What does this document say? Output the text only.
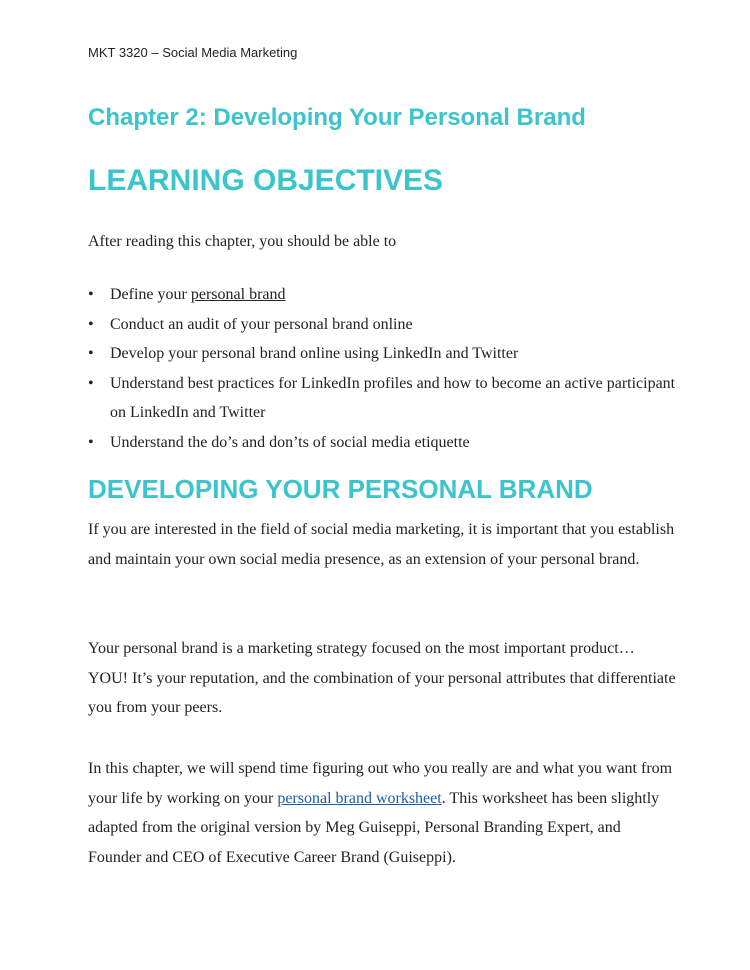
MKT 3320 – Social Media Marketing
Chapter 2: Developing Your Personal Brand
LEARNING OBJECTIVES

After reading this chapter, you should be able to

• Define your personal brand
• Conduct an audit of your personal brand online
• Develop your personal brand online using LinkedIn and Twitter
• Understand best practices for LinkedIn profiles and how to become an active participant on LinkedIn and Twitter
• Understand the do’s and don’ts of social media etiquette
DEVELOPING YOUR PERSONAL BRAND

If you are interested in the field of social media marketing, it is important that you establish and maintain your own social media presence, as an extension of your personal brand.

Your personal brand is a marketing strategy focused on the most important product… YOU! It’s your reputation, and the combination of your personal attributes that differentiate you from your peers.

In this chapter, we will spend time figuring out who you really are and what you want from your life by working on your personal brand worksheet. This worksheet has been slightly adapted from the original version by Meg Guiseppi, Personal Branding Expert, and Founder and CEO of Executive Career Brand (Guiseppi).
